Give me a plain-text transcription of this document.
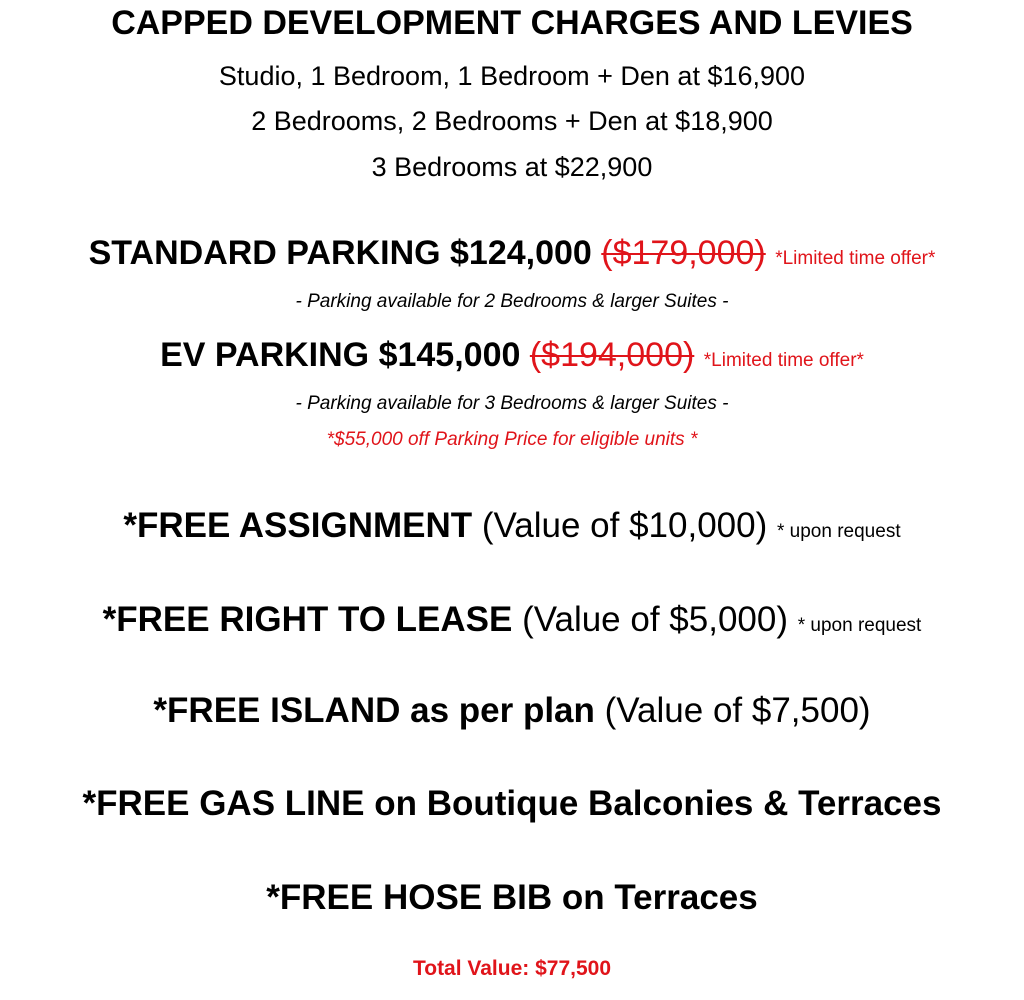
CAPPED DEVELOPMENT CHARGES AND LEVIES
Studio, 1 Bedroom, 1 Bedroom + Den at $16,900
2 Bedrooms, 2 Bedrooms + Den at $18,900
3 Bedrooms at $22,900
STANDARD PARKING $124,000 ($179,000) *Limited time offer*
- Parking available for 2 Bedrooms & larger Suites -
EV PARKING $145,000 ($194,000) *Limited time offer*
- Parking available for 3 Bedrooms & larger Suites -
*$55,000 off Parking Price for eligible units *
*FREE ASSIGNMENT (Value of $10,000) * upon request
*FREE RIGHT TO LEASE (Value of $5,000) * upon request
*FREE ISLAND as per plan (Value of $7,500)
*FREE GAS LINE on Boutique Balconies & Terraces
*FREE HOSE BIB on Terraces
Total Value: $77,500
